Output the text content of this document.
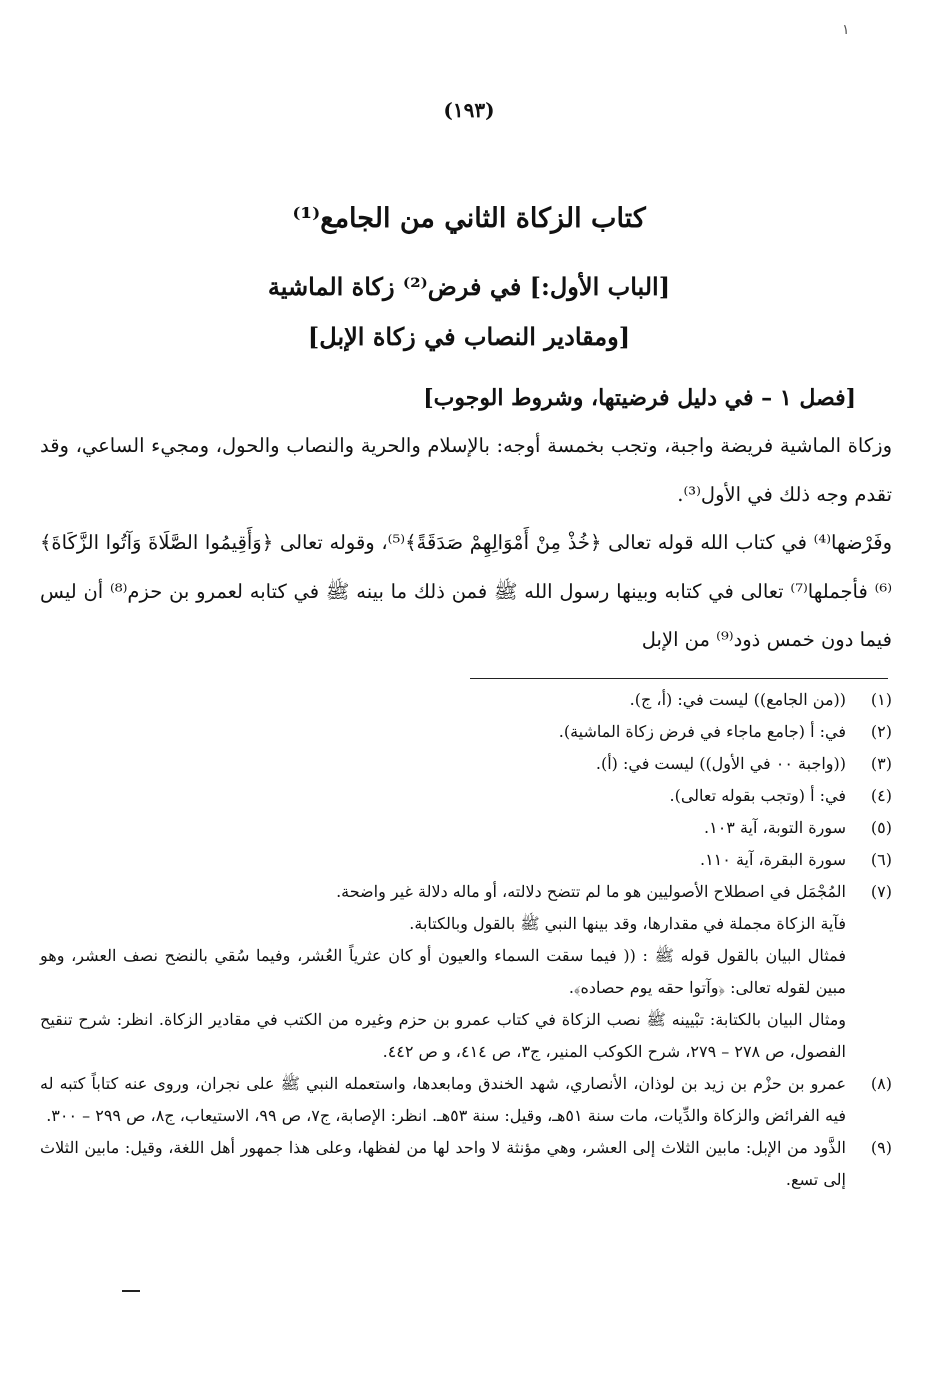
١
(١٩٣)
كتاب الزكاة الثاني من الجامع⁽¹⁾
[الباب الأول:] في فرض⁽²⁾ زكاة الماشية
[ومقادير النصاب في زكاة الإبل]
[فصل ١ – في دليل فرضيتها، وشروط الوجوب]

وزكاة الماشية فريضة واجبة، وتجب بخمسة أوجه: بالإسلام والحرية والنصاب والحول، ومجيء الساعي، وقد تقدم وجه ذلك في الأول⁽³⁾.

وفَرْضها⁽⁴⁾ في كتاب الله قوله تعالى ﴿خُذْ مِنْ أَمْوَالِهِمْ صَدَقَةً﴾⁽⁵⁾، وقوله تعالى ﴿وَأَقِيمُوا الصَّلَاةَ وَآتُوا الزَّكَاةَ﴾⁽⁶⁾ فأجملها⁽⁷⁾ تعالى في كتابه وبينها رسول الله ﷺ فمن ذلك ما بينه ﷺ في كتابه لعمرو بن حزم⁽⁸⁾ أن ليس فيما دون خمس ذود⁽⁹⁾ من الإبل

(١)

((من الجامع)) ليست في: (أ، ج).

(٢)

في: أ (جامع ماجاء في فرض زكاة الماشية).

(٣)

((واجبة ٠٠ في الأول)) ليست في: (أ).

(٤)

في: أ (وتجب بقوله تعالى).

(٥)

سورة التوبة، آية ١٠٣.

(٦)

سورة البقرة، آية ١١٠.

(٧)

المُجْمَل في اصطلاح الأصوليين هو ما لم تتضح دلالته، أو ماله دلالة غير واضحة.

فآية الزكاة مجملة في مقدارها، وقد بينها النبي ﷺ بالقول وبالكتابة.

فمثال البيان بالقول قوله ﷺ : (( فيما سقت السماء والعيون أو كان عثرياً العُشر، وفيما سُقي بالنضح نصف العشر، وهو مبين لقوله تعالى: ﴿وآتوا حقه يوم حصاده﴾.

ومثال البيان بالكتابة: تبْيينه ﷺ نصب الزكاة في كتاب عمرو بن حزم وغيره من الكتب في مقادير الزكاة. انظر: شرح تنقيح الفصول، ص ٢٧٨ – ٢٧٩، شرح الكوكب المنير، ج٣، ص ٤١٤، و ص ٤٤٢.

(٨)

عمرو بن حزْم بن زيد بن لوذان، الأنصاري، شهد الخندق ومابعدها، واستعمله النبي ﷺ على نجران، وروى عنه كتاباً كتبه له فيه الفرائض والزكاة والدِّيات، مات سنة ٥١هـ، وقيل: سنة ٥٣هـ. انظر: الإصابة، ج٧، ص ٩٩، الاستيعاب، ج٨، ص ٢٩٩ – ٣٠٠.

(٩)

الذَّود من الإبل: مابين الثلاث إلى العشر، وهي مؤنثة لا واحد لها من لفظها، وعلى هذا جمهور أهل اللغة، وقيل: مابين الثلاث إلى تسع.
